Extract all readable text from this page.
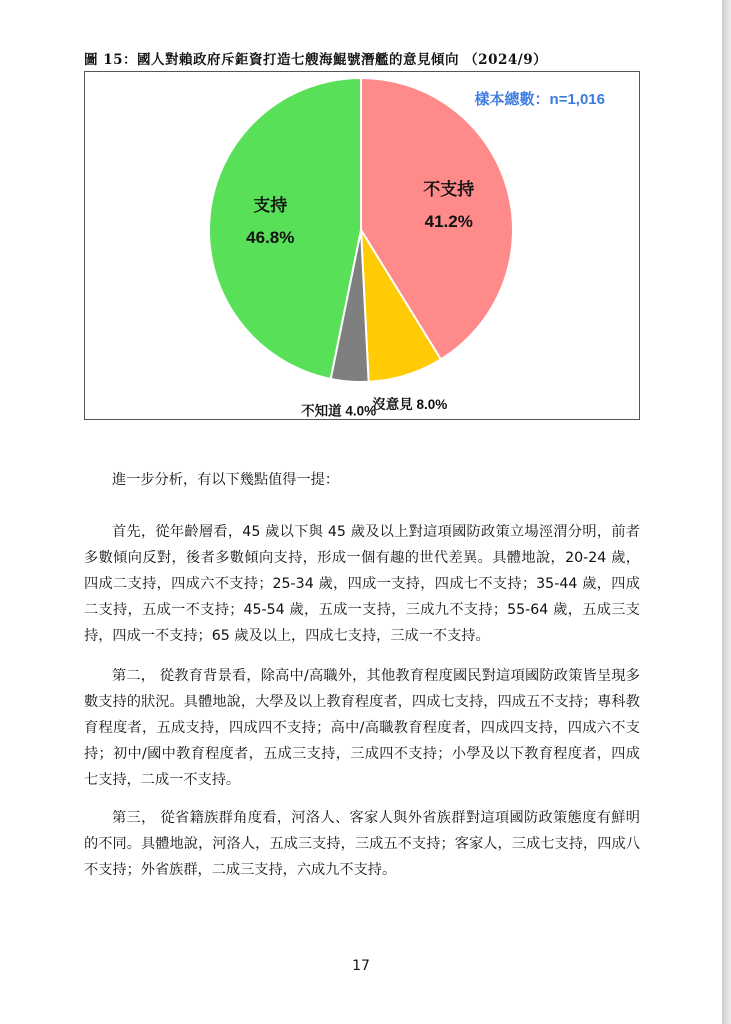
圖 15：國人對賴政府斥鉅資打造七艘海鯤號潛艦的意見傾向 （2024/9）
不支持
41.2%
沒意見 8.0%
不知道 4.0%
支持
46.8%
樣本總數：n=1,016

進一步分析，有以下幾點值得一提：

首先，從年齡層看，45 歲以下與 45 歲及以上對這項國防政策立場涇渭分明，前者多數傾向反對，後者多數傾向支持，形成一個有趣的世代差異。具體地說，20-24 歲，四成二支持，四成六不支持；25-34 歲，四成一支持，四成七不支持；35-44 歲，四成二支持，五成一不支持；45-54 歲，五成一支持，三成九不支持；55-64 歲，五成三支持，四成一不支持；65 歲及以上，四成七支持，三成一不支持。

第二， 從教育背景看，除高中/高職外，其他教育程度國民對這項國防政策皆呈現多數支持的狀況。具體地說，大學及以上教育程度者，四成七支持，四成五不支持；專科教育程度者，五成支持，四成四不支持；高中/高職教育程度者，四成四支持，四成六不支持；初中/國中教育程度者，五成三支持，三成四不支持；小學及以下教育程度者，四成七支持，二成一不支持。

第三， 從省籍族群角度看，河洛人、客家人與外省族群對這項國防政策態度有鮮明的不同。具體地說，河洛人，五成三支持，三成五不支持；客家人，三成七支持，四成八不支持；外省族群，二成三支持，六成九不支持。

17
